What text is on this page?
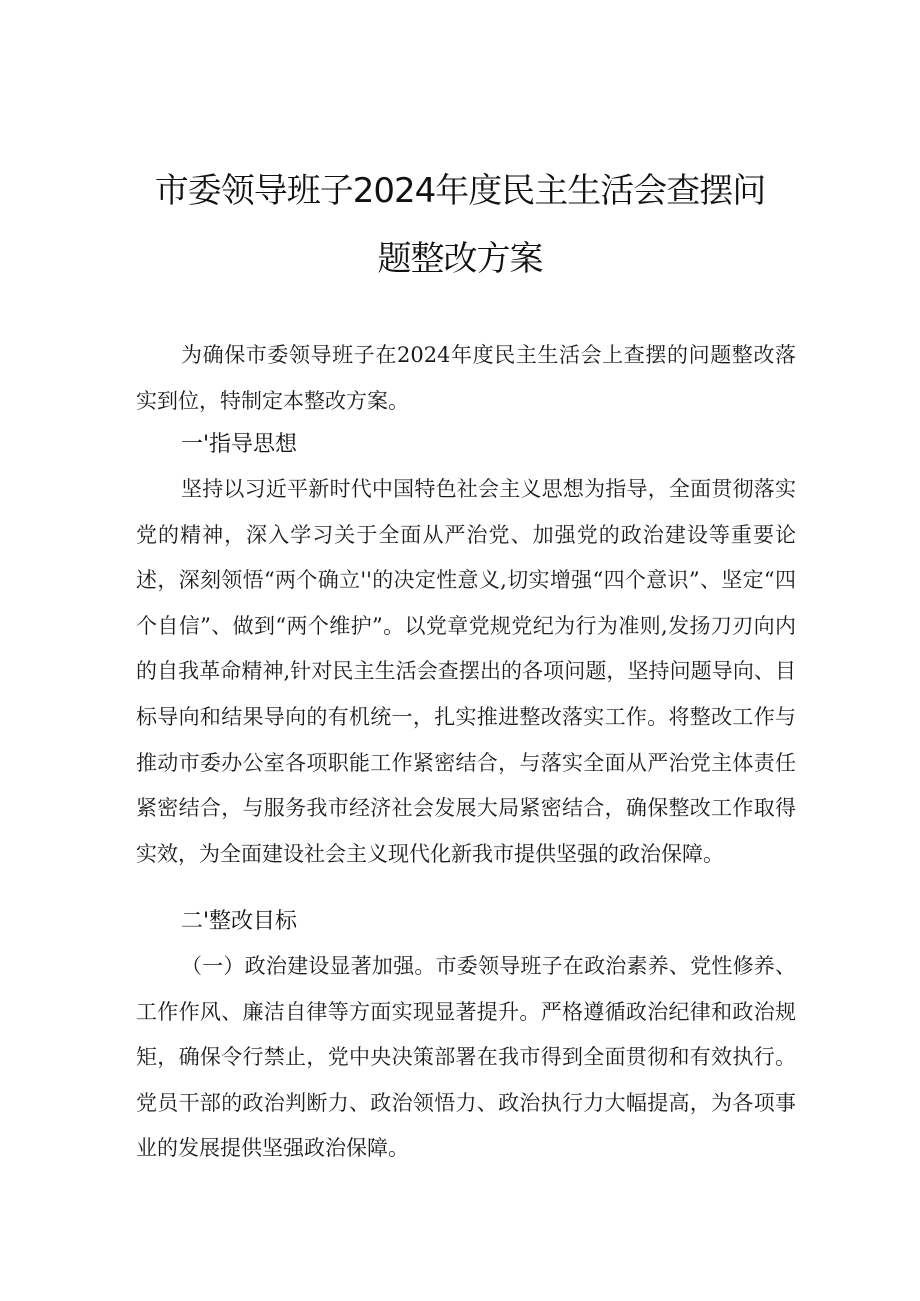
市委领导班子2024年度民主生活会查摆问
题整改方案

为确保市委领导班子在2024年度民主生活会上查摆的问题整改落实到位，特制定本整改方案。

一'指导思想

坚持以习近平新时代中国特色社会主义思想为指导，全面贯彻落实党的精神，深入学习关于全面从严治党、加强党的政治建设等重要论述，深刻领悟“两个确立''的决定性意义,切实增强“四个意识”、坚定“四个自信”、做到“两个维护”。以党章党规党纪为行为准则,发扬刀刃向内的自我革命精神,针对民主生活会查摆出的各项问题，坚持问题导向、目标导向和结果导向的有机统一，扎实推进整改落实工作。将整改工作与推动市委办公室各项职能工作紧密结合，与落实全面从严治党主体责任紧密结合，与服务我市经济社会发展大局紧密结合，确保整改工作取得实效，为全面建设社会主义现代化新我市提供坚强的政治保障。

二'整改目标

（一）政治建设显著加强。市委领导班子在政治素养、党性修养、工作作风、廉洁自律等方面实现显著提升。严格遵循政治纪律和政治规矩，确保令行禁止，党中央决策部署在我市得到全面贯彻和有效执行。党员干部的政治判断力、政治领悟力、政治执行力大幅提高，为各项事业的发展提供坚强政治保障。
